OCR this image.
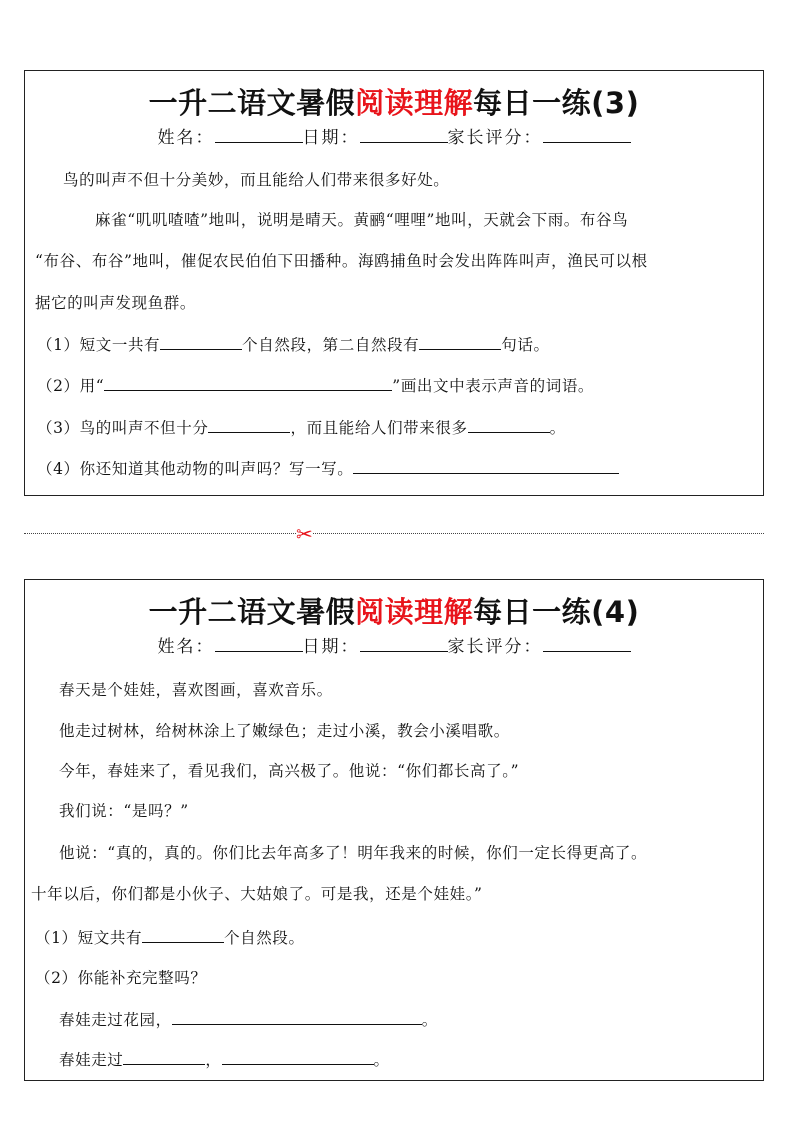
一升二语文暑假阅读理解每日一练(3)
姓名：	日期：	家长评分：
鸟的叫声不但十分美妙，而且能给人们带来很多好处。
麻雀“叽叽喳喳”地叫，说明是晴天。黄鹂“哩哩”地叫，天就会下雨。布谷鸟
“布谷、布谷”地叫，催促农民伯伯下田播种。海鸥捕鱼时会发出阵阵叫声，渔民可以根
据它的叫声发现鱼群。
（1）短文一共有	个自然段，第二自然段有	句话。
（2）用“	”画出文中表示声音的词语。
（3）鸟的叫声不但十分	，而且能给人们带来很多	。
（4）你还知道其他动物的叫声吗？写一写。
✂
一升二语文暑假阅读理解每日一练(4)
姓名：	日期：	家长评分：
春天是个娃娃，喜欢图画，喜欢音乐。
他走过树林，给树林涂上了嫩绿色；走过小溪，教会小溪唱歌。
今年，春娃来了，看见我们，高兴极了。他说：“你们都长高了。”
我们说：“是吗？”
他说：“真的，真的。你们比去年高多了！明年我来的时候，你们一定长得更高了。
十年以后，你们都是小伙子、大姑娘了。可是我，还是个娃娃。”
（1）短文共有	个自然段。
（2）你能补充完整吗？
春娃走过花园，	。
春娃走过	，	。
